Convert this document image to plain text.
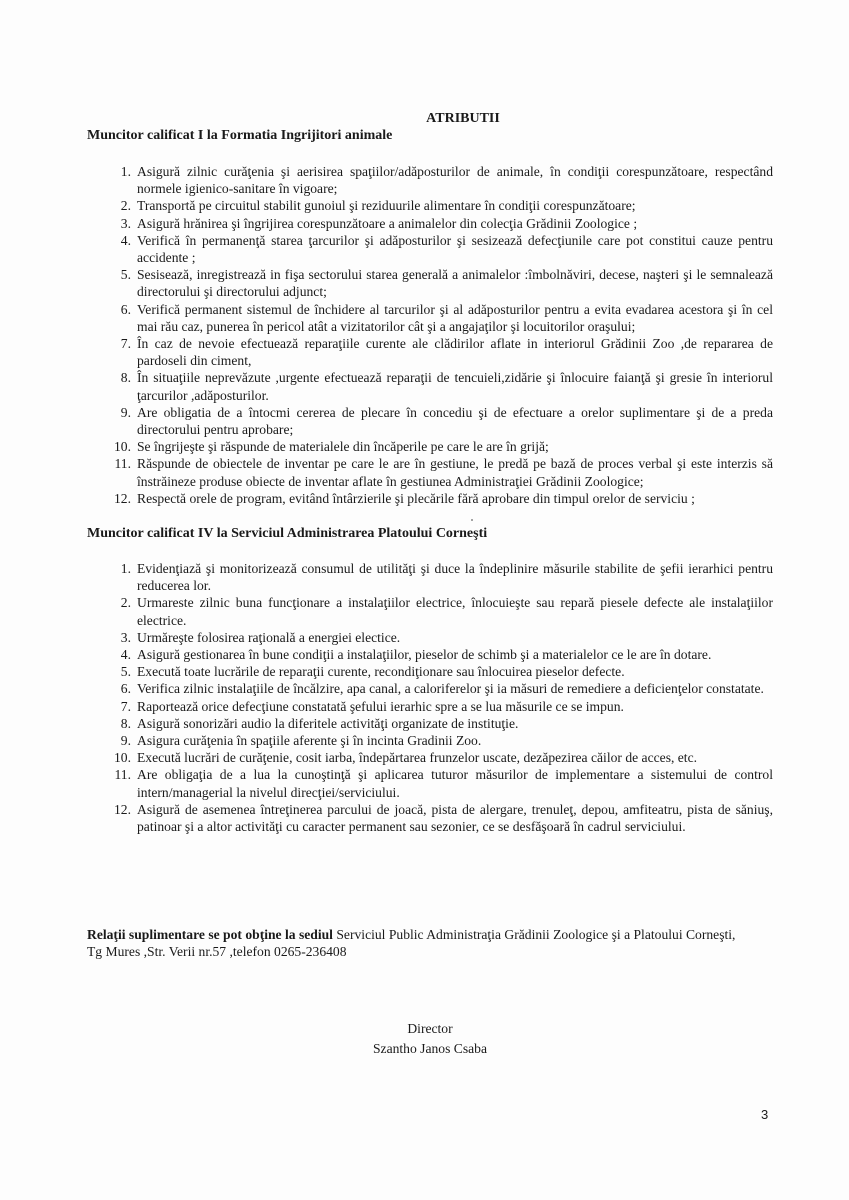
ATRIBUTII
Muncitor calificat I la Formatia Ingrijitori animale
1. Asigură zilnic curăţenia şi aerisirea spaţiilor/adăposturilor de animale, în condiţii corespunzătoare, respectând normele igienico-sanitare în vigoare;
2. Transportă pe circuitul stabilit gunoiul şi reziduurile alimentare în condiţii corespunzătoare;
3. Asigură hrănirea şi îngrijirea corespunzătoare a animalelor din colecţia Grădinii Zoologice ;
4. Verifică în permanenţă starea ţarcurilor şi adăposturilor şi sesizează defecţiunile care pot constitui cauze pentru accidente ;
5. Sesisează, inregistrează in fişa sectorului starea generală a animalelor :îmbolnăviri, decese, naşteri şi le semnalează directorului şi directorului adjunct;
6. Verifică permanent sistemul de închidere al tarcurilor şi al adăposturilor pentru a evita evadarea acestora şi în cel mai rău caz, punerea în pericol atât a vizitatorilor cât şi a angajaţilor şi locuitorilor oraşului;
7. În caz de nevoie efectuează reparaţiile curente ale clădirilor aflate in interiorul Grădinii Zoo ,de repararea de pardoseli din ciment,
8. În situaţiile neprevăzute ,urgente efectuează reparaţii de tencuieli,zidărie şi înlocuire faianţă şi gresie în interiorul ţarcurilor ,adăposturilor.
9. Are obligatia de a întocmi cererea de plecare în concediu şi de efectuare a orelor suplimentare şi de a preda directorului pentru aprobare;
10. Se îngrijeşte şi răspunde de materialele din încăperile pe care le are în grijă;
11. Răspunde de obiectele de inventar pe care le are în gestiune, le predă pe bază de proces verbal şi este interzis să înstrăineze produse obiecte de inventar aflate în gestiunea Administraţiei Grădinii Zoologice;
12. Respectă orele de program, evitând întârzierile şi plecările fără aprobare din timpul orelor de serviciu ;
Muncitor calificat IV la Serviciul Administrarea Platoului Corneşti
1. Evidenţiază şi monitorizează consumul de utilităţi şi duce la îndeplinire măsurile stabilite de şefii ierarhici pentru reducerea lor.
2. Urmareste zilnic buna funcţionare a instalaţiilor electrice, înlocuieşte sau repară piesele defecte ale instalaţiilor electrice.
3. Urmăreşte folosirea raţională a energiei electice.
4. Asigură gestionarea în bune condiţii a instalaţiilor, pieselor de schimb şi a materialelor ce le are în dotare.
5. Execută toate lucrările de reparaţii curente, recondiţionare sau înlocuirea pieselor defecte.
6. Verifica zilnic instalaţiile de încălzire, apa canal, a caloriferelor şi ia măsuri de remediere a deficienţelor constatate.
7. Raportează orice defecţiune constatată şefului ierarhic spre a se lua măsurile ce se impun.
8. Asigură sonorizări audio la diferitele activităţi organizate de instituţie.
9. Asigura curăţenia în spaţiile aferente şi în incinta Gradinii Zoo.
10. Execută lucrări de curăţenie, cosit iarba, îndepărtarea frunzelor uscate, dezăpezirea căilor de acces, etc.
11. Are obligaţia de a lua la cunoştinţă şi aplicarea tuturor măsurilor de implementare a sistemului de control intern/managerial la nivelul direcţiei/serviciului.
12. Asigură de asemenea întreţinerea parcului de joacă, pista de alergare, trenuleţ, depou, amfiteatru, pista de săniuş, patinoar şi a altor activităţi cu caracter permanent sau sezonier, ce se desfăşoară în cadrul serviciului.
Relaţii suplimentare se pot obţine la sediul Serviciul Public Administraţia Grădinii Zoologice şi a Platoului Corneşti,
Tg Mures ,Str. Verii nr.57 ,telefon 0265-236408
Director
Szantho Janos Csaba
3
